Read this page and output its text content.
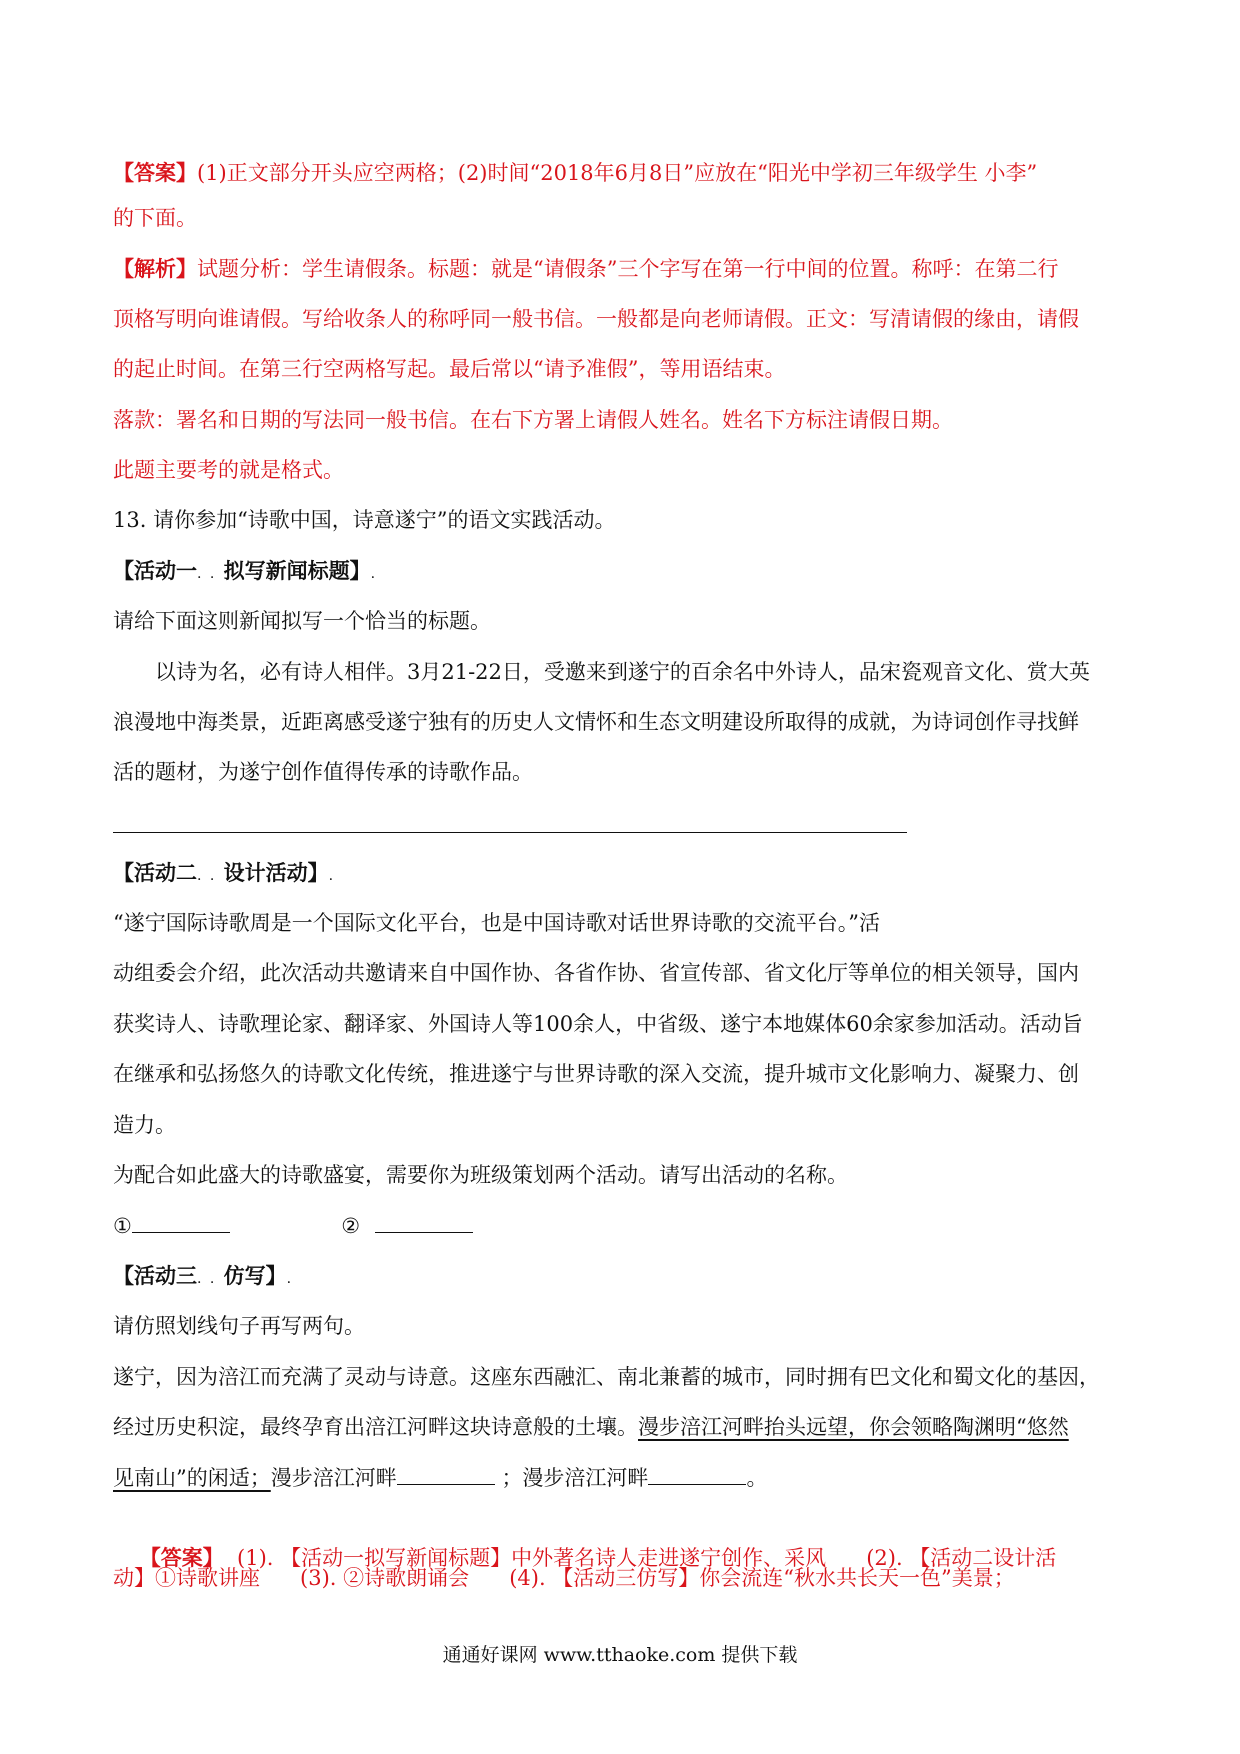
【答案】(1)正文部分开头应空两格；(2)时间“2018年6月8日”应放在“阳光中学初三年级学生 小李”
的下面。
【解析】试题分析：学生请假条。标题：就是“请假条”三个字写在第一行中间的位置。称呼：在第二行
顶格写明向谁请假。写给收条人的称呼同一般书信。一般都是向老师请假。正文：写清请假的缘由，请假
的起止时间。在第三行空两格写起。最后常以“请予准假”，等用语结束。
落款：署名和日期的写法同一般书信。在右下方署上请假人姓名。姓名下方标注请假日期。
此题主要考的就是格式。
13. 请你参加“诗歌中国，诗意遂宁”的语文实践活动。
【活动一. . 拟写新闻标题】.
请给下面这则新闻拟写一个恰当的标题。
以诗为名，必有诗人相伴。3月21-22日，受邀来到遂宁的百余名中外诗人，品宋瓷观音文化、赏大英
浪漫地中海类景，近距离感受遂宁独有的历史人文情怀和生态文明建设所取得的成就，为诗词创作寻找鲜
活的题材，为遂宁创作值得传承的诗歌作品。
【活动二. . 设计活动】.
“遂宁国际诗歌周是一个国际文化平台，也是中国诗歌对话世界诗歌的交流平台。”活
动组委会介绍，此次活动共邀请来自中国作协、各省作协、省宣传部、省文化厅等单位的相关领导，国内
获奖诗人、诗歌理论家、翻译家、外国诗人等100余人，中省级、遂宁本地媒体60余家参加活动。活动旨
在继承和弘扬悠久的诗歌文化传统，推进遂宁与世界诗歌的深入交流，提升城市文化影响力、凝聚力、创
造力。
为配合如此盛大的诗歌盛宴，需要你为班级策划两个活动。请写出活动的名称。
①	②
【活动三. . 仿写】.
请仿照划线句子再写两句。
遂宁，因为涪江而充满了灵动与诗意。这座东西融汇、南北兼蓄的城市，同时拥有巴文化和蜀文化的基因，
经过历史积淀，最终孕育出涪江河畔这块诗意般的土壤。漫步涪江河畔抬头远望，你会领略陶渊明“悠然
见南山”的闲适；漫步涪江河畔	；漫步涪江河畔	。

【答案】  (1). 【活动一拟写新闻标题】中外著名诗人走进遂宁创作、采风      (2). 【活动二设计活

动】①诗歌讲座      (3). ②诗歌朗诵会      (4). 【活动三仿写】你会流连“秋水共长天一色”美景；
通通好课网 www.tthaoke.com 提供下载
